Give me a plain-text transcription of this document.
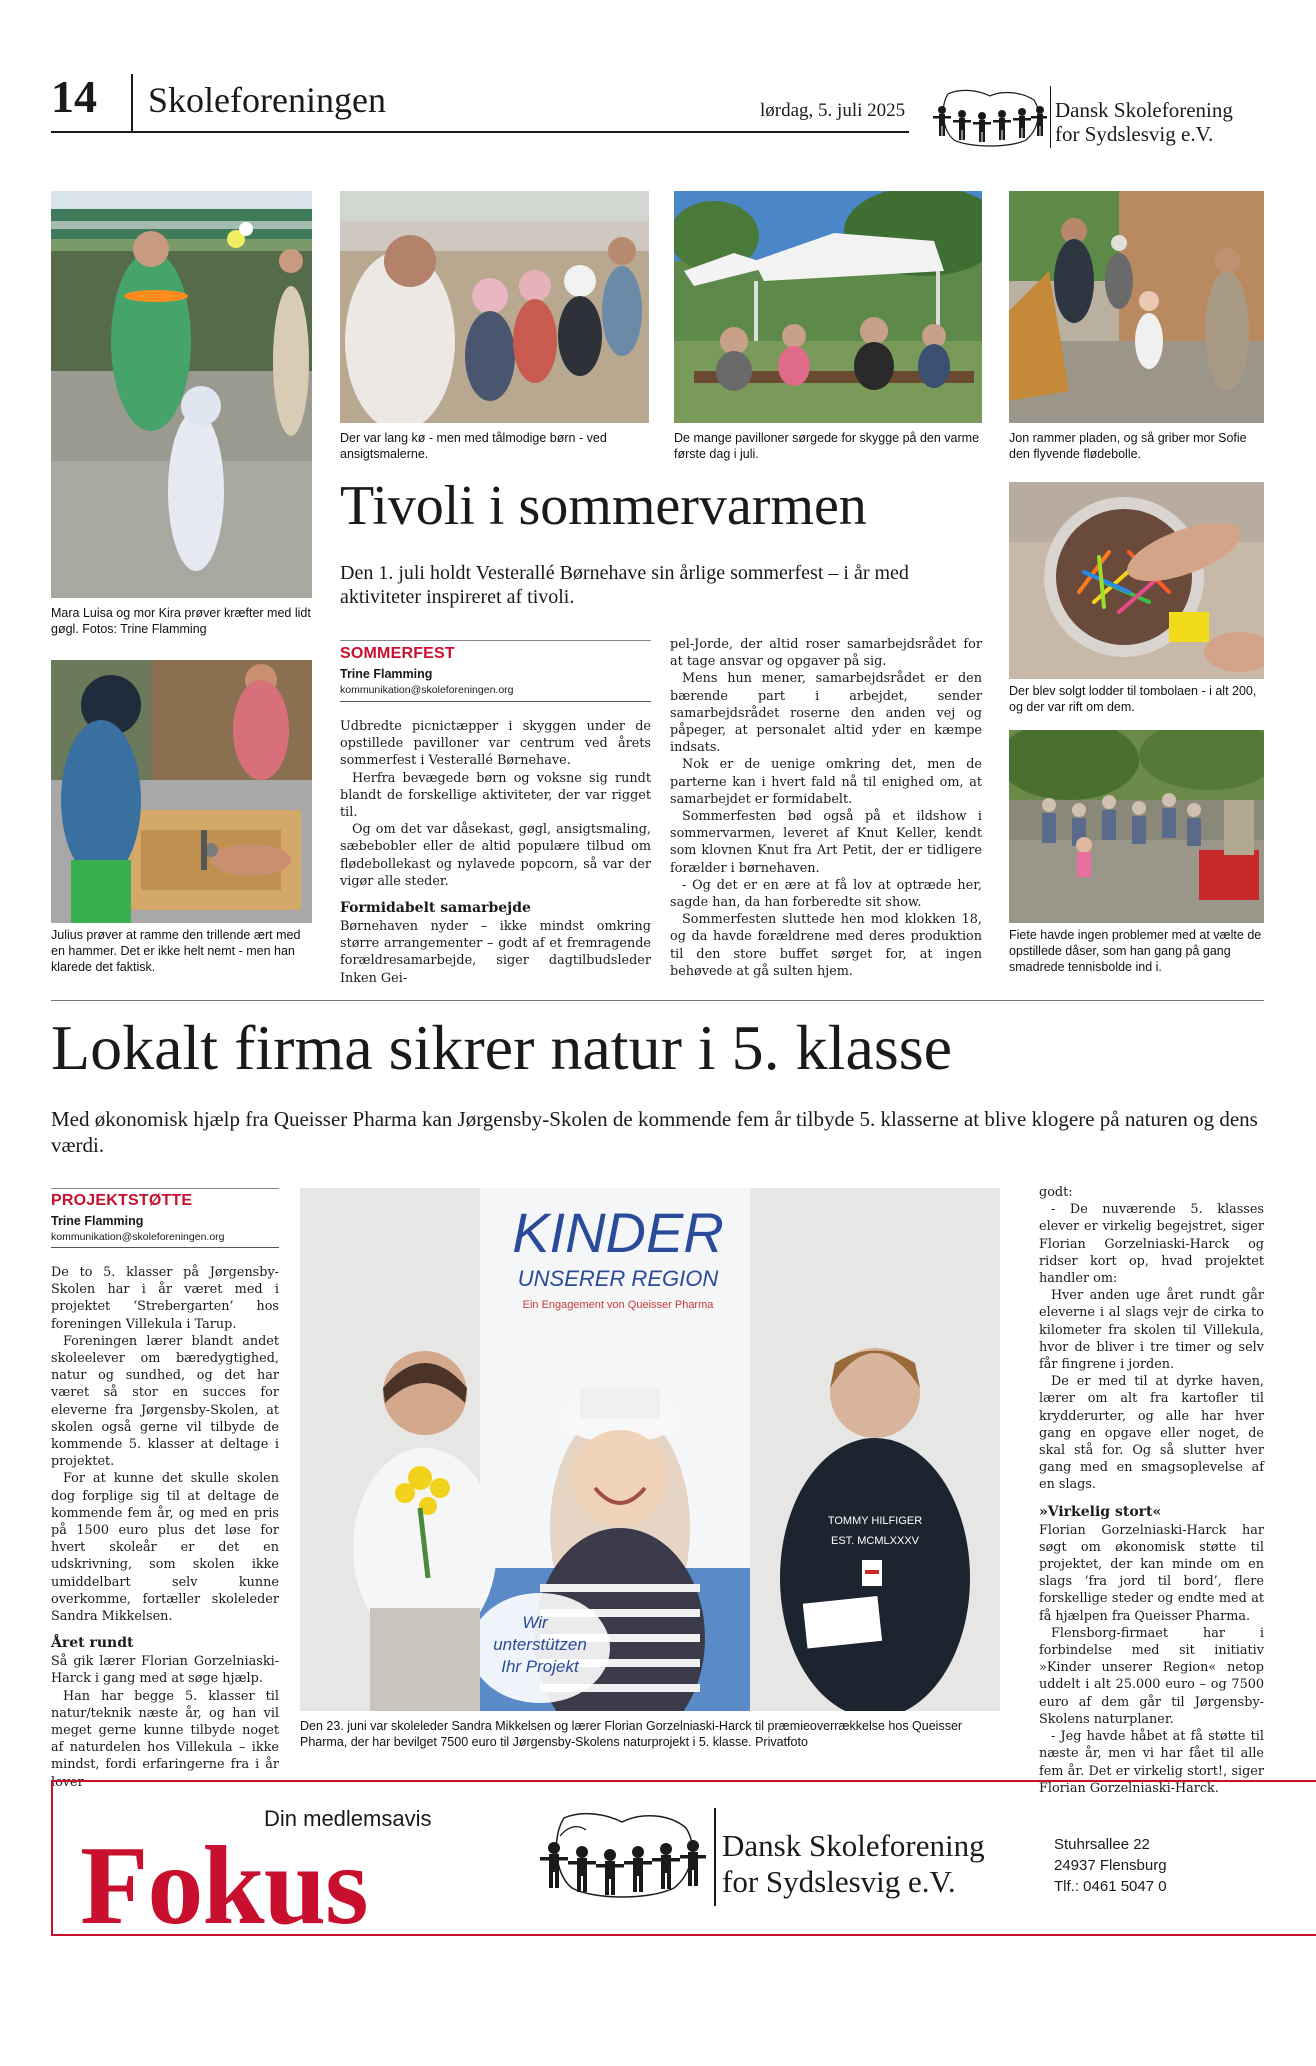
14 Skoleforeningen	lørdag, 5. juli 2025	Dansk Skoleforening
for Sydslesvig e.V.
Mara Luisa og mor Kira prøver kræfter med lidt gøgl. Fotos: Trine Flamming
Der var lang kø - men med tålmodige børn - ved ansigtsmalerne.
De mange pavilloner sørgede for skygge på den varme første dag i juli.
Jon rammer pladen, og så griber mor Sofie den flyvende flødebolle.
Der blev solgt lodder til tombolaen - i alt 200, og der var rift om dem.
Julius prøver at ramme den trillende ært med en hammer. Det er ikke helt nemt - men han klarede det faktisk.
Fiete havde ingen problemer med at vælte de opstillede dåser, som han gang på gang smadrede tennisbolde ind i.
Tivoli i sommervarmen
Den 1. juli holdt Vesterallé Børnehave sin årlige sommerfest – i år med aktiviteter inspireret af tivoli.
SOMMERFEST
Trine Flamming
kommunikation@skoleforeningen.org

Udbredte picnictæpper i skyggen under de opstillede pavilloner var centrum ved årets sommerfest i Vesterallé Børnehave.

Herfra bevægede børn og voksne sig rundt blandt de forskellige aktiviteter, der var rigget til.

Og om det var dåsekast, gøgl, ansigtsmaling, sæbebobler eller de altid populære tilbud om flødebollekast og nylavede popcorn, så var der vigør alle steder.

Formidabelt samarbejde

Børnehaven nyder – ikke mindst omkring større arrangementer – godt af et fremragende forældresamarbejde, siger dagtilbudsleder Inken Gei-

pel-Jorde, der altid roser samarbejdsrådet for at tage ansvar og opgaver på sig.

Mens hun mener, samarbejdsrådet er den bærende part i arbejdet, sender samarbejdsrådet roserne den anden vej og påpeger, at personalet altid yder en kæmpe indsats.

Nok er de uenige omkring det, men de parterne kan i hvert fald nå til enighed om, at samarbejdet er formidabelt.

Sommerfesten bød også på et ildshow i sommervarmen, leveret af Knut Keller, kendt som klovnen Knut fra Art Petit, der er tidligere forælder i børnehaven.

- Og det er en ære at få lov at optræde her, sagde han, da han forberedte sit show.

Sommerfesten sluttede hen mod klokken 18, og da havde forældrene med deres produktion til den store buffet sørget for, at ingen behøvede at gå sulten hjem.

Lokalt firma sikrer natur i 5. klasse
Med økonomisk hjælp fra Queisser Pharma kan Jørgensby-Skolen de kommende fem år tilbyde 5. klasserne at blive klogere på naturen og dens værdi.
PROJEKTSTØTTE
Trine Flamming
kommunikation@skoleforeningen.org

De to 5. klasser på Jørgensby-Skolen har i år været med i projektet ‘Strebergarten’ hos foreningen Villekula i Tarup.

Foreningen lærer blandt andet skoleelever om bæredygtighed, natur og sundhed, og det har været så stor en succes for eleverne fra Jørgensby-Skolen, at skolen også gerne vil tilbyde de kommende 5. klasser at deltage i projektet.

For at kunne det skulle skolen dog forplige sig til at deltage de kommende fem år, og med en pris på 1500 euro plus det løse for hvert skoleår er det en udskrivning, som skolen ikke umiddelbart selv kunne overkomme, fortæller skoleleder Sandra Mikkelsen.

Året rundt

Så gik lærer Florian Gorzelniaski-Harck i gang med at søge hjælp.

Han har begge 5. klasser til natur/teknik næste år, og han vil meget gerne kunne tilbyde noget af naturdelen hos Villekula – ikke mindst, fordi erfaringerne fra i år lover

KINDER
UNSERER REGION
Ein Engagement von Queisser Pharma
Wir
unterstützen
Ihr Projekt
TOMMY HILFIGER
EST. MCMLXXXV
Den 23. juni var skoleleder Sandra Mikkelsen og lærer Florian Gorzelniaski-Harck til præmieoverrækkelse hos Queisser Pharma, der har bevilget 7500 euro til Jørgensby-Skolens naturprojekt i 5. klasse. Privatfoto

godt:

- De nuværende 5. klasses elever er virkelig begejstret, siger Florian Gorzelniaski-Harck og ridser kort op, hvad projektet handler om:

Hver anden uge året rundt går eleverne i al slags vejr de cirka to kilometer fra skolen til Villekula, hvor de bliver i tre timer og selv får fingrene i jorden.

De er med til at dyrke haven, lærer om alt fra kartofler til krydderurter, og alle har hver gang en opgave eller noget, de skal stå for. Og så slutter hver gang med en smagsoplevelse af en slags.

»Virkelig stort«

Florian Gorzelniaski-Harck har søgt om økonomisk støtte til projektet, der kan minde om en slags ‘fra jord til bord’, flere forskellige steder og endte med at få hjælpen fra Queisser Pharma.

Flensborg-firmaet har i forbindelse med sit initiativ »Kinder unserer Region« netop uddelt i alt 25.000 euro – og 7500 euro af dem går til Jørgensby-Skolens naturplaner.

- Jeg havde håbet at få støtte til næste år, men vi har fået til alle fem år. Det er virkelig stort!, siger Florian Gorzelniaski-Harck.

Din medlemsavis
Fokus	Dansk Skoleforening
for Sydslesvig e.V.
Stuhrsallee 22
24937 Flensburg
Tlf.: 0461 5047 0
